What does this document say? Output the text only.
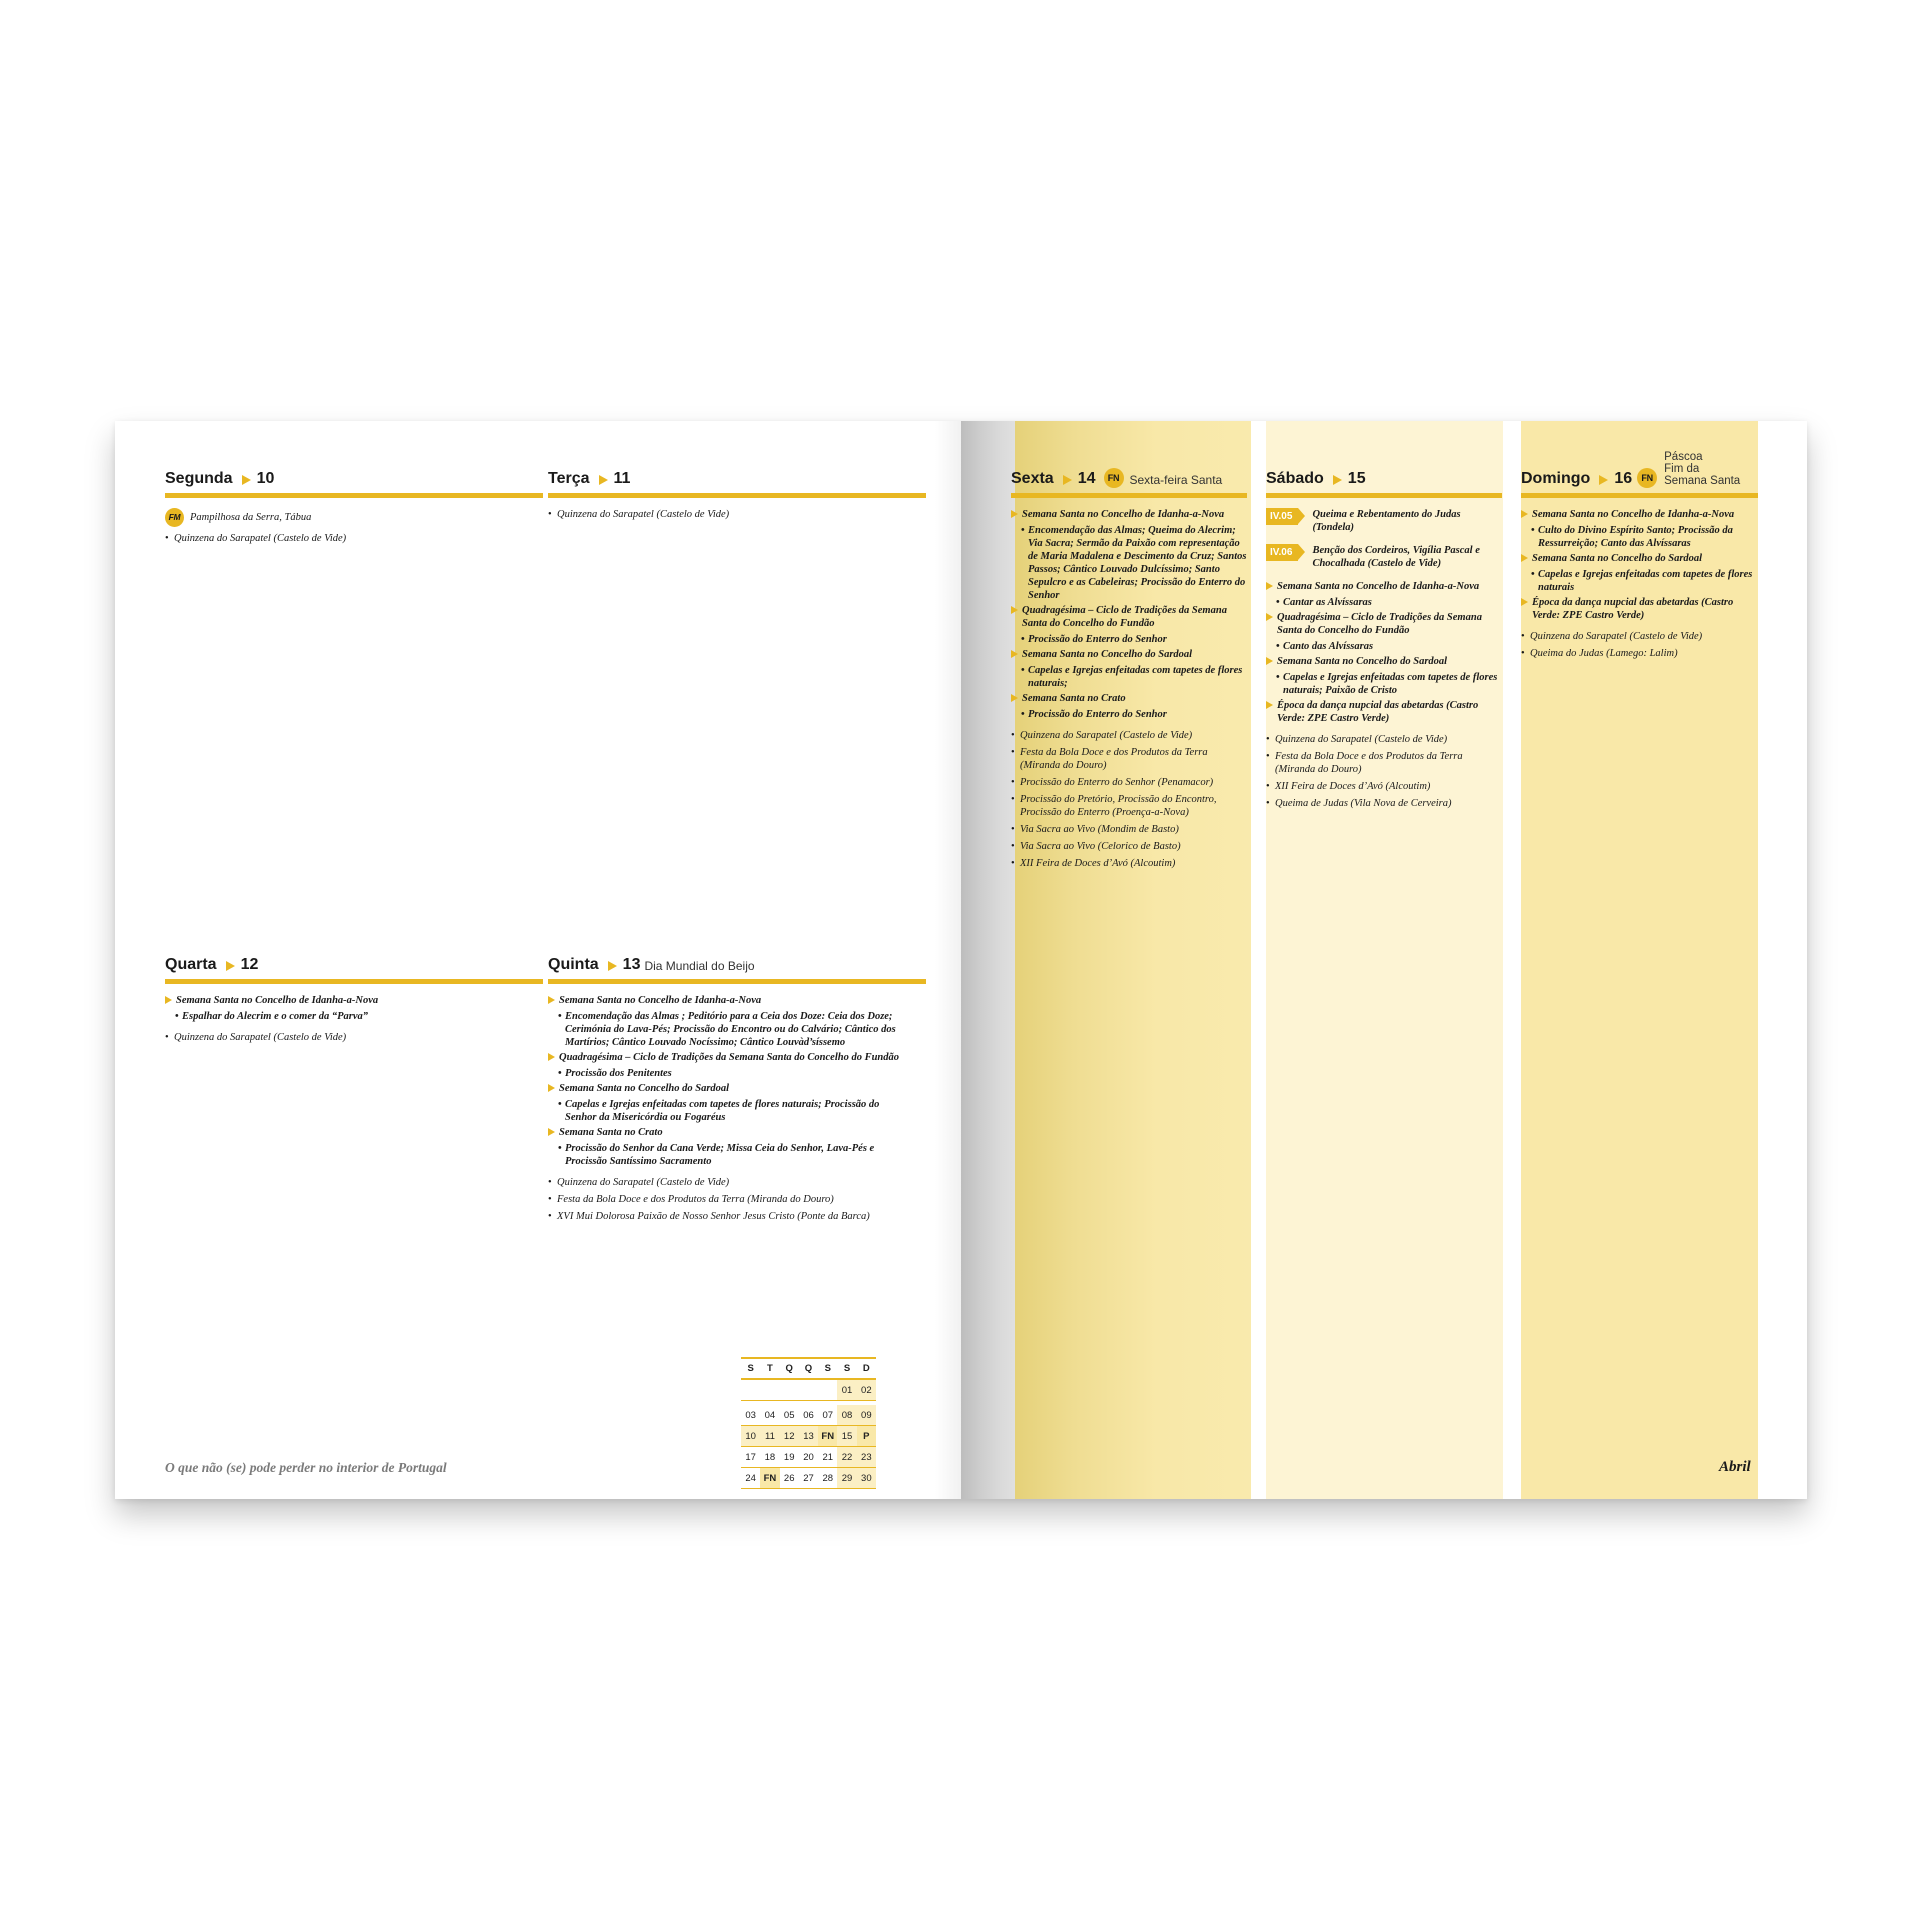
Segunda 10
FM Pampilhosa da Serra, Tábua
• Quinzena do Sarapatel (Castelo de Vide)
Terça 11
• Quinzena do Sarapatel (Castelo de Vide)
Quarta 12
Semana Santa no Concelho de Idanha-a-Nova
• Espalhar do Alecrim e o comer da “Parva”
• Quinzena do Sarapatel (Castelo de Vide)
Quinta 13 Dia Mundial do Beijo
Semana Santa no Concelho de Idanha-a-Nova
• Encomendação das Almas ; Peditório para a Ceia dos Doze: Ceia dos Doze; Cerimónia do Lava-Pés; Procissão do Encontro ou do Calvário; Cântico dos Martírios; Cântico Louvado Nocíssimo; Cântico Louvàd’síssemo
Quadragésima – Ciclo de Tradições da Semana Santa do Concelho do Fundão
• Procissão dos Penitentes
Semana Santa no Concelho do Sardoal
• Capelas e Igrejas enfeitadas com tapetes de flores naturais; Procissão do Senhor da Misericórdia ou Fogaréus
Semana Santa no Crato
• Procissão do Senhor da Cana Verde; Missa Ceia do Senhor, Lava-Pés e Procissão Santíssimo Sacramento
• Quinzena do Sarapatel (Castelo de Vide)
• Festa da Bola Doce e dos Produtos da Terra (Miranda do Douro)
• XVI Mui Dolorosa Paixão de Nosso Senhor Jesus Cristo (Ponte da Barca)
Sexta 14	FN Sexta-feira Santa
Semana Santa no Concelho de Idanha-a-Nova
• Encomendação das Almas; Queima do Alecrim; Via Sacra; Sermão da Paixão com representação de Maria Madalena e Descimento da Cruz; Santos Passos; Cântico Louvado Dulcíssimo; Santo Sepulcro e as Cabeleiras; Procissão do Enterro do Senhor
Quadragésima – Ciclo de Tradições da Semana Santa do Concelho do Fundão
• Procissão do Enterro do Senhor
Semana Santa no Concelho do Sardoal
• Capelas e Igrejas enfeitadas com tapetes de flores naturais;
Semana Santa no Crato
• Procissão do Enterro do Senhor
• Quinzena do Sarapatel (Castelo de Vide)
• Festa da Bola Doce e dos Produtos da Terra (Miranda do Douro)
• Procissão do Enterro do Senhor (Penamacor)
• Procissão do Pretório, Procissão do Encontro, Procissão do Enterro (Proença-a-Nova)
• Via Sacra ao Vivo (Mondim de Basto)
• Via Sacra ao Vivo (Celorico de Basto)
• XII Feira de Doces d’Avó (Alcoutim)
Sábado 15
IV.05	Queima e Rebentamento do Judas (Tondela)
IV.06	Benção dos Cordeiros, Vigília Pascal e Chocalhada (Castelo de Vide)
Semana Santa no Concelho de Idanha-a-Nova
• Cantar as Alvíssaras
Quadragésima – Ciclo de Tradições da Semana Santa do Concelho do Fundão
• Canto das Alvíssaras
Semana Santa no Concelho do Sardoal
• Capelas e Igrejas enfeitadas com tapetes de flores naturais; Paixão de Cristo
Época da dança nupcial das abetardas (Castro Verde: ZPE Castro Verde)
• Quinzena do Sarapatel (Castelo de Vide)
• Festa da Bola Doce e dos Produtos da Terra (Miranda do Douro)
• XII Feira de Doces d’Avó (Alcoutim)
• Queima de Judas (Vila Nova de Cerveira)
Domingo 16	FN
Páscoa
Fim da
Semana Santa
Semana Santa no Concelho de Idanha-a-Nova
• Culto do Divino Espírito Santo; Procissão da Ressurreição; Canto das Alvíssaras
Semana Santa no Concelho do Sardoal
• Capelas e Igrejas enfeitadas com tapetes de flores naturais
Época da dança nupcial das abetardas (Castro Verde: ZPE Castro Verde)
• Quinzena do Sarapatel (Castelo de Vide)
• Queima do Judas (Lamego: Lalim)
S	T	Q	Q	S	S	D
					01	02

03	04	05	06	07	08	09
10	11	12	13	FN	15	P
17	18	19	20	21	22	23
24	FN	26	27	28	29	30
O que não (se) pode perder no interior de Portugal	Abril
